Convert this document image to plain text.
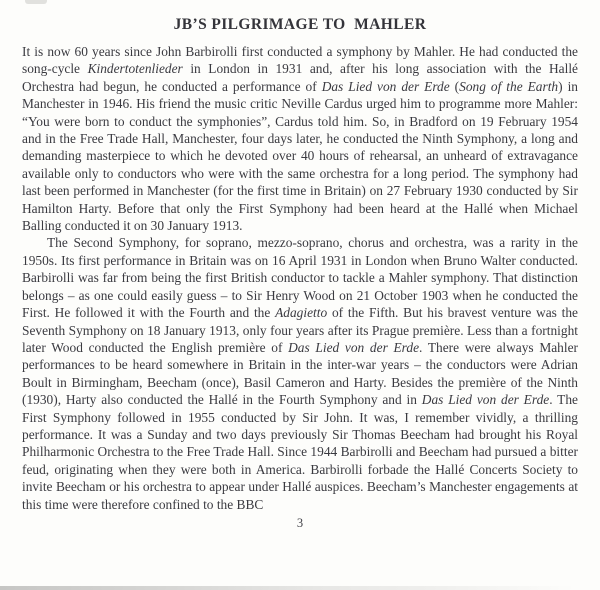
JB’S PILGRIMAGE TO  MAHLER

It is now 60 years since John Barbirolli first conducted a symphony by Mahler. He had conducted the song-cycle Kindertotenlieder in London in 1931 and, after his long association with the Hallé Orchestra had begun, he conducted a performance of Das Lied von der Erde (Song of the Earth) in Manchester in 1946. His friend the music critic Neville Cardus urged him to programme more Mahler: “You were born to conduct the symphonies”, Cardus told him. So, in Bradford on 19 February 1954 and in the Free Trade Hall, Manchester, four days later, he conducted the Ninth Symphony, a long and demanding masterpiece to which he devoted over 40 hours of rehearsal, an unheard of extravagance available only to conductors who were with the same orchestra for a long period. The symphony had last been performed in Manchester (for the first time in Britain) on 27 February 1930 conducted by Sir Hamilton Harty. Before that only the First Symphony had been heard at the Hallé when Michael Balling conducted it on 30 January 1913.

The Second Symphony, for soprano, mezzo-soprano, chorus and orchestra, was a rarity in the 1950s. Its first performance in Britain was on 16 April 1931 in London when Bruno Walter conducted. Barbirolli was far from being the first British conductor to tackle a Mahler symphony. That distinction belongs – as one could easily guess – to Sir Henry Wood on 21 October 1903 when he conducted the First. He followed it with the Fourth and the Adagietto of the Fifth. But his bravest venture was the Seventh Symphony on 18 January 1913, only four years after its Prague première. Less than a fortnight later Wood conducted the English première of Das Lied von der Erde. There were always Mahler performances to be heard somewhere in Britain in the inter-war years – the conductors were Adrian Boult in Birmingham, Beecham (once), Basil Cameron and Harty. Besides the première of the Ninth (1930), Harty also conducted the Hallé in the Fourth Symphony and in Das Lied von der Erde. The First Symphony followed in 1955 conducted by Sir John. It was, I remember vividly, a thrilling performance. It was a Sunday and two days previously Sir Thomas Beecham had brought his Royal Philharmonic Orchestra to the Free Trade Hall. Since 1944 Barbirolli and Beecham had pursued a bitter feud, originating when they were both in America. Barbirolli forbade the Hallé Concerts Society to invite Beecham or his orchestra to appear under Hallé auspices. Beecham’s Manchester engagements at this time were therefore confined to the BBC

3
